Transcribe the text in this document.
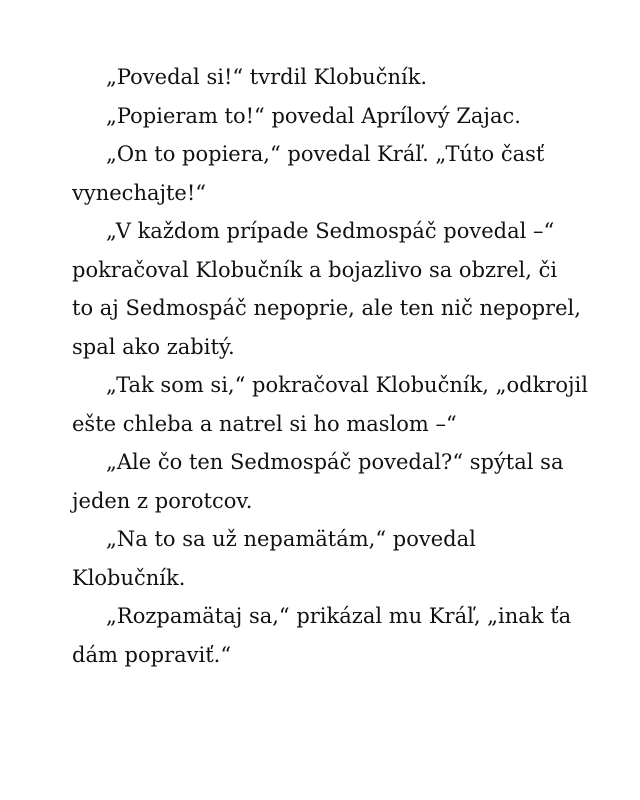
„Povedal si!“ tvrdil Klobučník.
„Popieram to!“ povedal Aprílový Zajac.
„On to popiera,“ povedal Kráľ. „Túto časť
vynechajte!“
„V každom prípade Sedmospáč povedal –“
pokračoval Klobučník a bojazlivo sa obzrel, či
to aj Sedmospáč nepoprie, ale ten nič nepoprel,
spal ako zabitý.
„Tak som si,“ pokračoval Klobučník, „odkrojil
ešte chleba a natrel si ho maslom –“
„Ale čo ten Sedmospáč povedal?“ spýtal sa
jeden z porotcov.
„Na to sa už nepamätám,“ povedal
Klobučník.
„Rozpamätaj sa,“ prikázal mu Kráľ, „inak ťa
dám popraviť.“
